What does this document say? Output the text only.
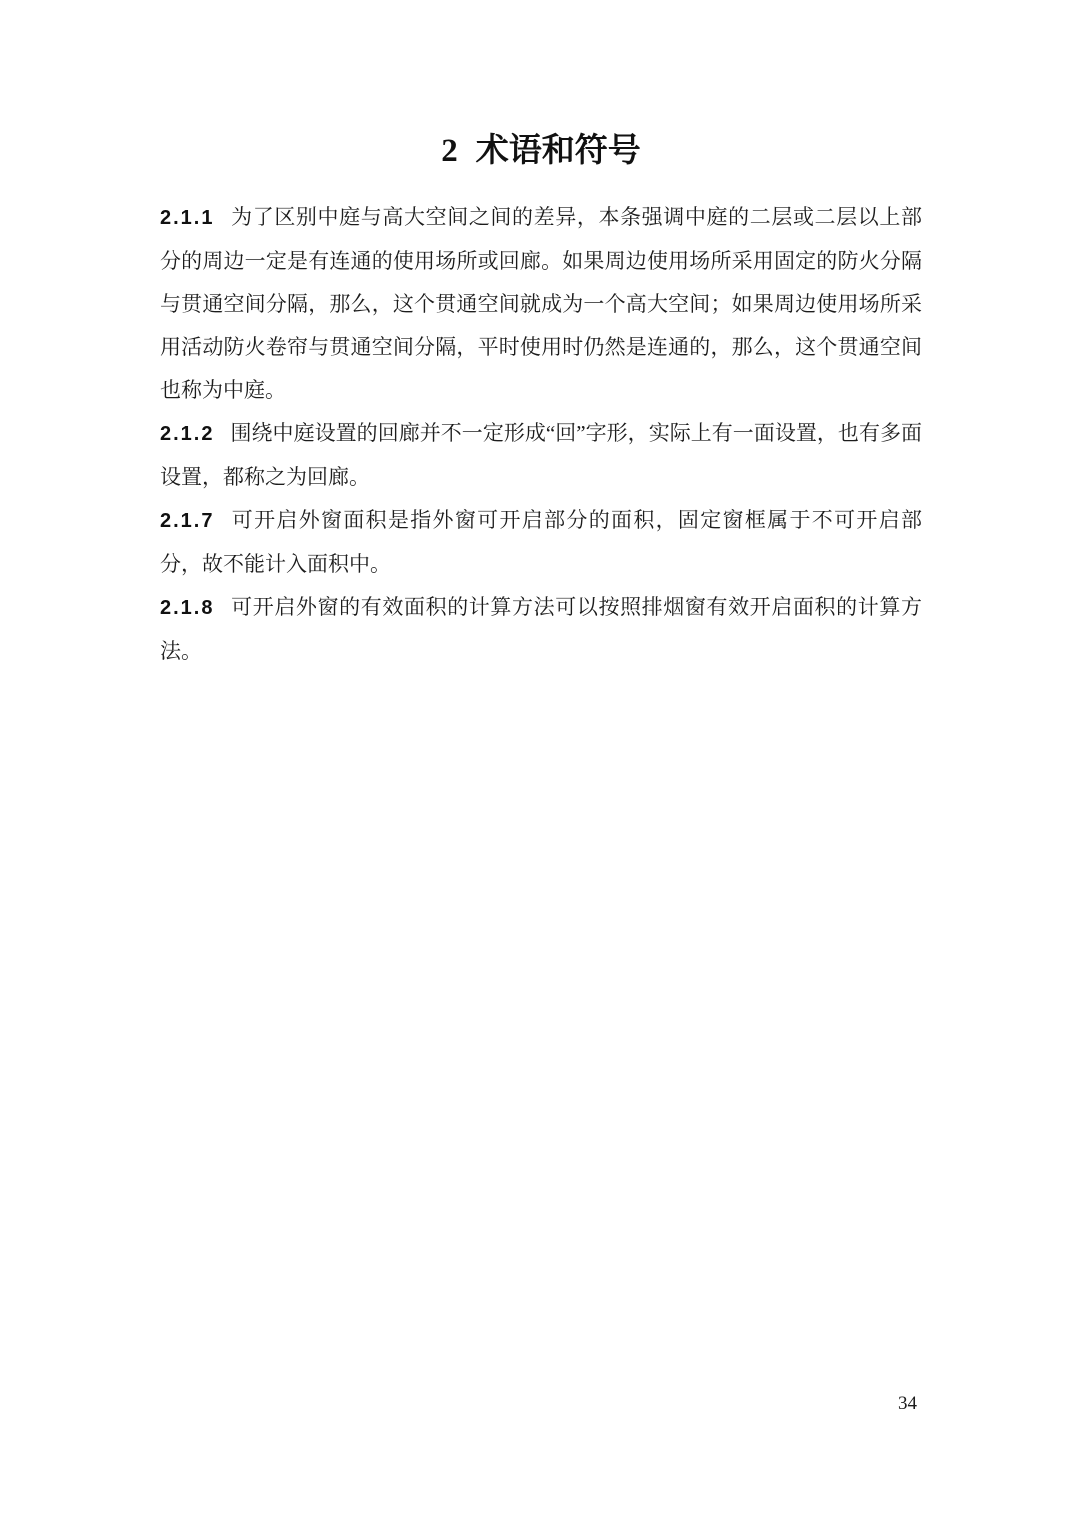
2 术语和符号

2.1.1 为了区别中庭与高大空间之间的差异，本条强调中庭的二层或二层以上部分的周边一定是有连通的使用场所或回廊。如果周边使用场所采用固定的防火分隔与贯通空间分隔，那么，这个贯通空间就成为一个高大空间；如果周边使用场所采用活动防火卷帘与贯通空间分隔，平时使用时仍然是连通的，那么，这个贯通空间也称为中庭。

2.1.2 围绕中庭设置的回廊并不一定形成“回”字形，实际上有一面设置，也有多面设置，都称之为回廊。

2.1.7 可开启外窗面积是指外窗可开启部分的面积，固定窗框属于不可开启部分，故不能计入面积中。

2.1.8 可开启外窗的有效面积的计算方法可以按照排烟窗有效开启面积的计算方法。

34
